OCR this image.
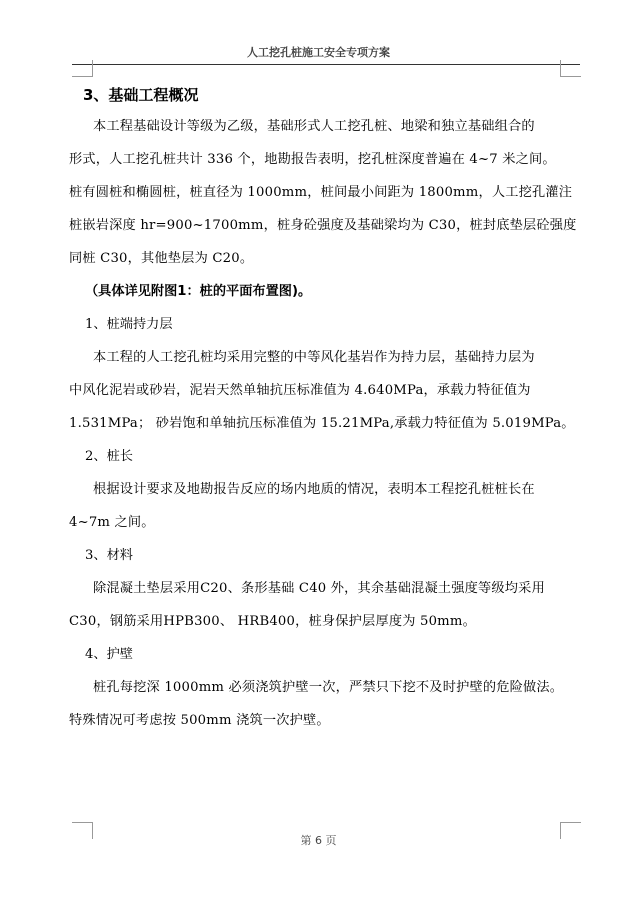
人工挖孔桩施工安全专项方案
3、基础工程概况

本工程基础设计等级为乙级，基础形式人工挖孔桩、地梁和独立基础组合的

形式，人工挖孔桩共计 336 个，地勘报告表明，挖孔桩深度普遍在 4~7 米之间。

桩有圆桩和椭圆桩，桩直径为 1000mm，桩间最小间距为 1800mm，人工挖孔灌注

桩嵌岩深度 hr=900~1700mm，桩身砼强度及基础梁均为 C30，桩封底垫层砼强度

同桩 C30，其他垫层为 C20。

（具体详见附图1：桩的平面布置图)。

1、桩端持力层

本工程的人工挖孔桩均采用完整的中等风化基岩作为持力层，基础持力层为

中风化泥岩或砂岩，泥岩天然单轴抗压标准值为 4.640MPa，承载力特征值为

1.531MPa； 砂岩饱和单轴抗压标准值为 15.21MPa,承载力特征值为 5.019MPa。

2、桩长

根据设计要求及地勘报告反应的场内地质的情况，表明本工程挖孔桩桩长在

4~7m 之间。

3、材料

除混凝土垫层采用C20、条形基础 C40 外，其余基础混凝土强度等级均采用

C30，钢筋采用HPB300、 HRB400，桩身保护层厚度为 50mm。

4、护壁

桩孔每挖深 1000mm 必须浇筑护壁一次，严禁只下挖不及时护壁的危险做法。

特殊情况可考虑按 500mm 浇筑一次护壁。

第 6 页
